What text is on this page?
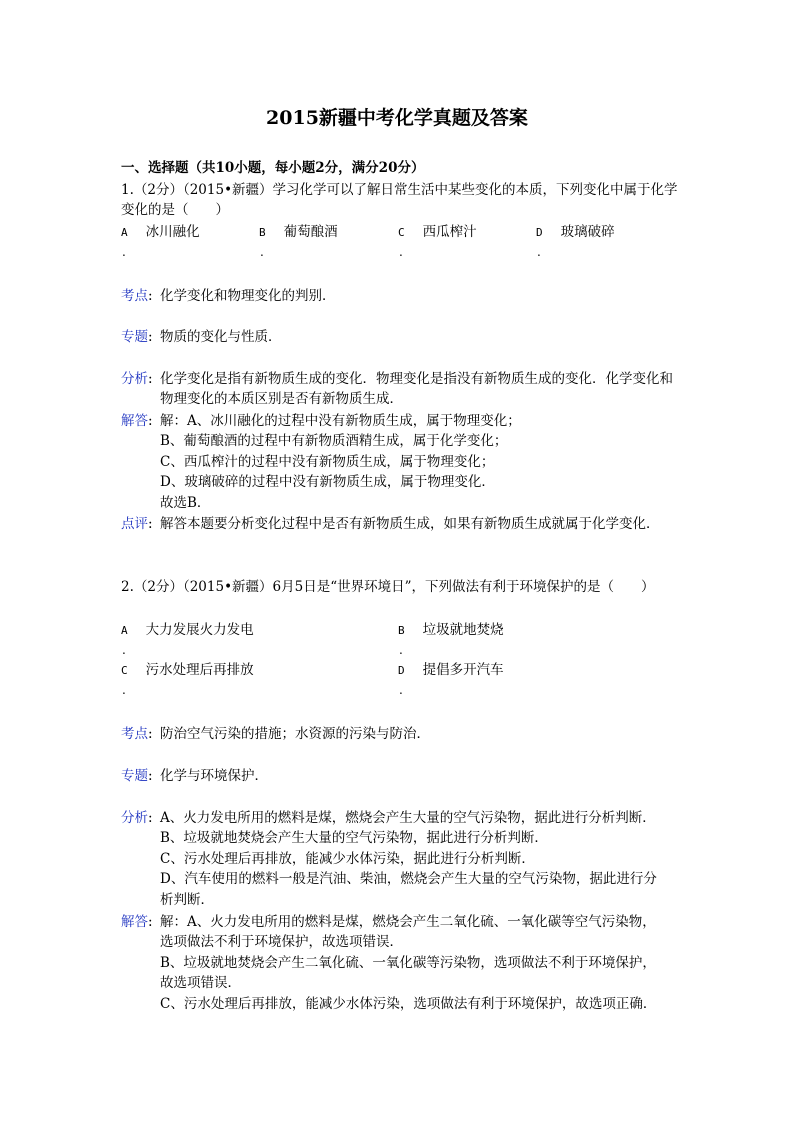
2015新疆中考化学真题及答案
一、选择题（共10小题，每小题2分，满分20分）
1.（2分）（2015•新疆）学习化学可以了解日常生活中某些变化的本质，下列变化中属于化学变化的是（　　）
A 冰川融化	B 葡萄酿酒	C 西瓜榨汁	D 玻璃破碎
.	.	.	.
考点: 化学变化和物理变化的判别．
专题: 物质的变化与性质．
分析: 化学变化是指有新物质生成的变化．物理变化是指没有新物质生成的变化．化学变化和物理变化的本质区别是否有新物质生成．
解答: 解：A、冰川融化的过程中没有新物质生成，属于物理变化；
B、葡萄酿酒的过程中有新物质酒精生成，属于化学变化；
C、西瓜榨汁的过程中没有新物质生成，属于物理变化；
D、玻璃破碎的过程中没有新物质生成，属于物理变化．
故选B．
点评: 解答本题要分析变化过程中是否有新物质生成，如果有新物质生成就属于化学变化．
2.（2分）（2015•新疆）6月5日是“世界环境日”，下列做法有利于环境保护的是（　　）
A 大力发展火力发电	B 垃圾就地焚烧
.	.
C 污水处理后再排放	D 提倡多开汽车
.	.
考点: 防治空气污染的措施；水资源的污染与防治．
专题: 化学与环境保护．
分析: A、火力发电所用的燃料是煤，燃烧会产生大量的空气污染物，据此进行分析判断．
B、垃圾就地焚烧会产生大量的空气污染物，据此进行分析判断．
C、污水处理后再排放，能减少水体污染，据此进行分析判断．
D、汽车使用的燃料一般是汽油、柴油，燃烧会产生大量的空气污染物，据此进行分
析判断．
解答: 解：A、火力发电所用的燃料是煤，燃烧会产生二氧化硫、一氧化碳等空气污染物，
选项做法不利于环境保护，故选项错误．
B、垃圾就地焚烧会产生二氧化硫、一氧化碳等污染物，选项做法不利于环境保护，
故选项错误．
C、污水处理后再排放，能减少水体污染，选项做法有利于环境保护，故选项正确．
